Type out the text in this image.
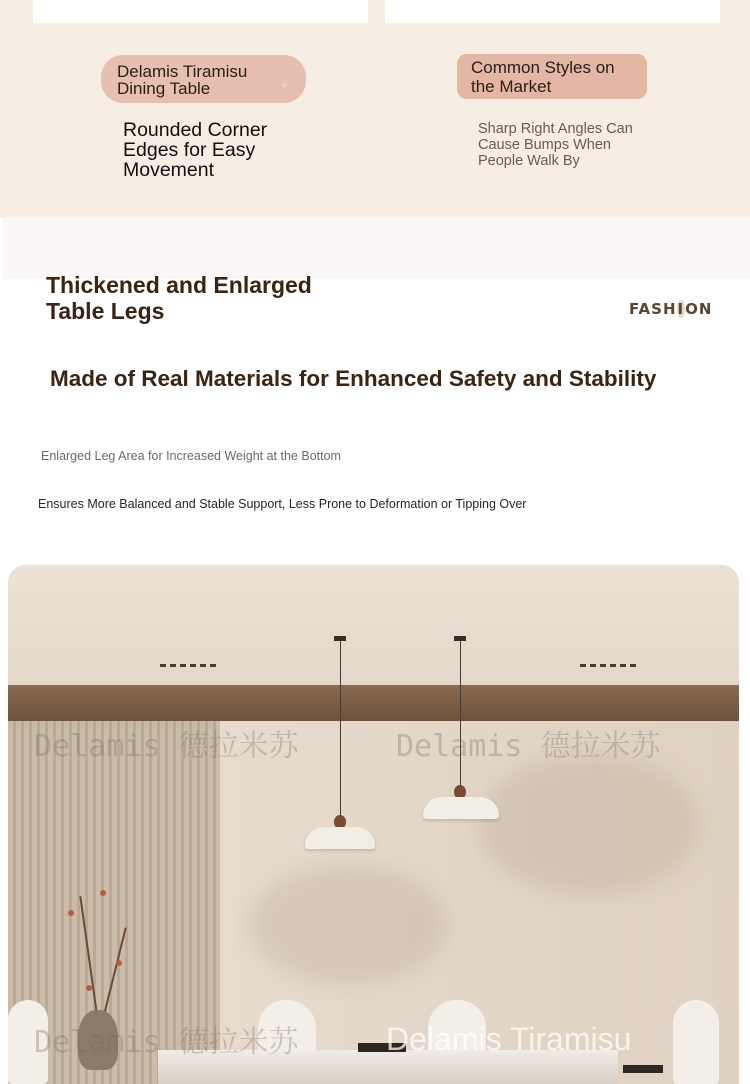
Delamis Tiramisu Dining Table	+
Common Styles on the Market

Rounded Corner Edges for Easy Movement

Sharp Right Angles Can Cause Bumps When People Walk By

Thickened and Enlarged Table Legs	FASHION
Made of Real Materials for Enhanced Safety and Stability

Enlarged Leg Area for Increased Weight at the Bottom

Ensures More Balanced and Stable Support, Less Prone to Deformation or Tipping Over

Delamis 德拉米苏	Delamis 德拉米苏
Delamis 德拉米苏	Delamis Tiramisu
